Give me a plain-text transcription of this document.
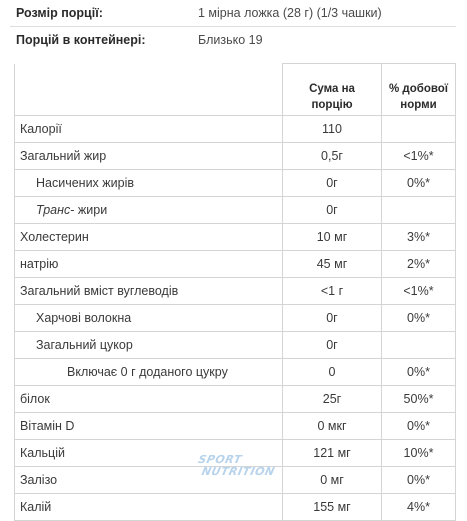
Розмір порції:	1 мірна ложка (28 г) (1/3 чашки)
Порцій в контейнері:	Близько 19
	Сума на
порцію	% добової
норми
Калорії	110	
Загальний жир	0,5г	<1%*
Насичених жирів	0г	0%*
Транс- жири	0г	
Холестерин	10 мг	3%*
натрію	45 мг	2%*
Загальний вміст вуглеводів	<1 г	<1%*
Харчові волокна	0г	0%*
Загальний цукор	0г	
Включає 0 г доданого цукру	0	0%*
білок	25г	50%*
Вітамін D	0 мкг	0%*
Кальцій	121 мг	10%*
Залізо	0 мг	0%*
Калій	155 мг	4%*
SPORT
NUTRITION
